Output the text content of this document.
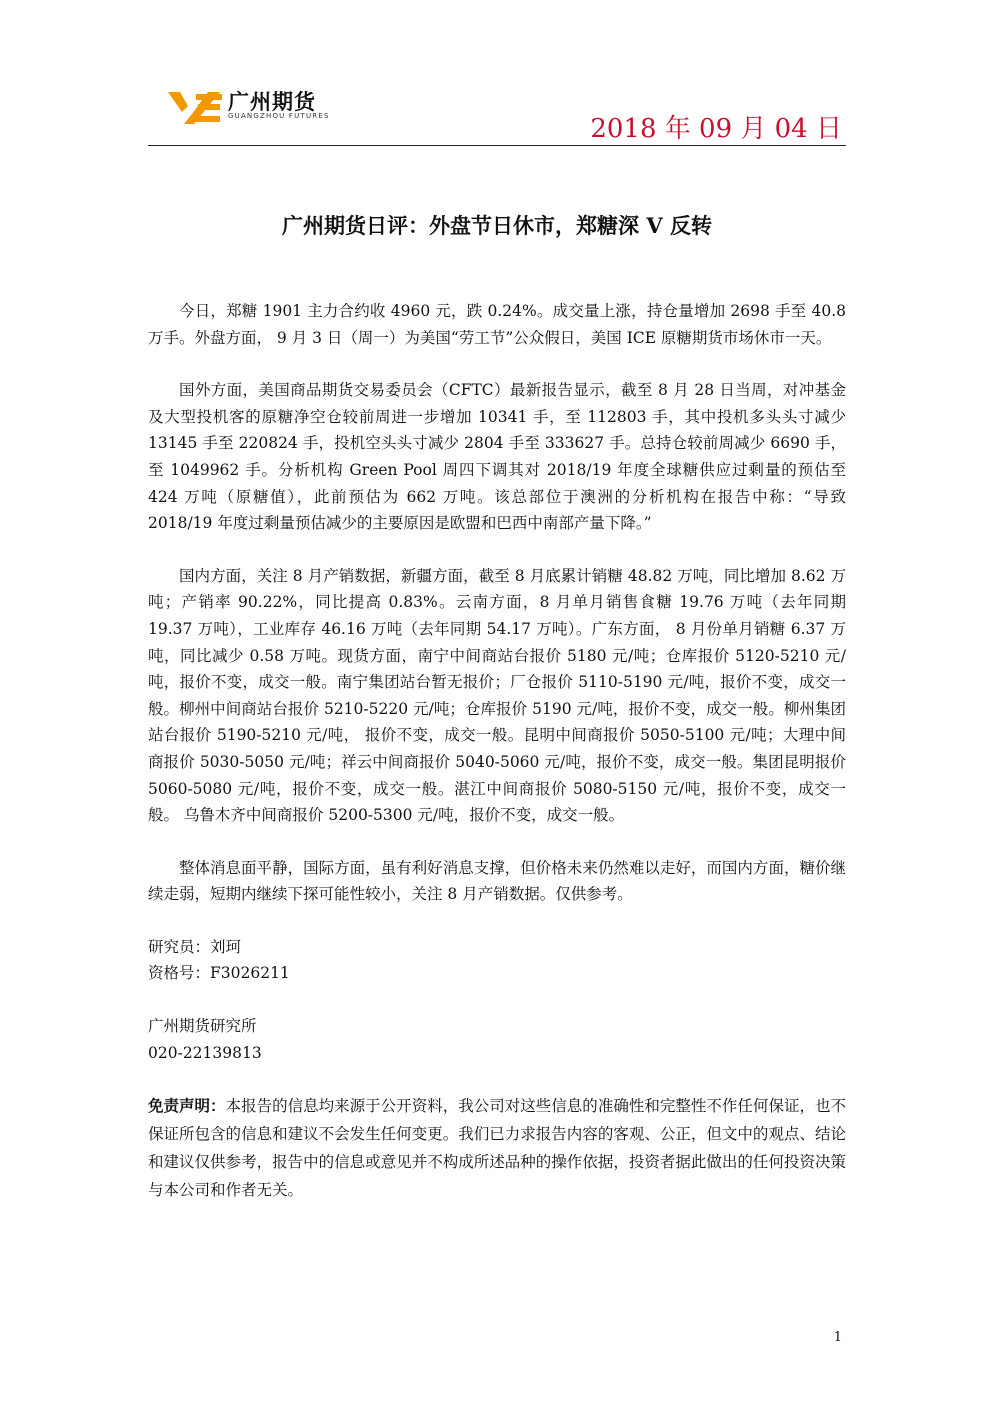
广州期货
GUANGZHOU FUTURES	2018 年 09 月 04 日
广州期货日评：外盘节日休市，郑糖深 V 反转

今日，郑糖 1901 主力合约收 4960 元，跌 0.24%。成交量上涨，持仓量增加 2698 手至 40.8 万手。外盘方面， 9 月 3 日（周一）为美国“劳工节”公众假日，美国 ICE 原糖期货市场休市一天。

国外方面，美国商品期货交易委员会（CFTC）最新报告显示，截至 8 月 28 日当周，对冲基金及大型投机客的原糖净空仓较前周进一步增加 10341 手，至 112803 手，其中投机多头头寸减少 13145 手至 220824 手，投机空头头寸减少 2804 手至 333627 手。总持仓较前周减少 6690 手，至 1049962 手。分析机构 Green Pool 周四下调其对 2018/19 年度全球糖供应过剩量的预估至 424 万吨（原糖值），此前预估为 662 万吨。该总部位于澳洲的分析机构在报告中称：“导致 2018/19 年度过剩量预估减少的主要原因是欧盟和巴西中南部产量下降。”

国内方面，关注 8 月产销数据，新疆方面，截至 8 月底累计销糖 48.82 万吨，同比增加 8.62 万吨；产销率 90.22%，同比提高 0.83%。云南方面，8 月单月销售食糖 19.76 万吨（去年同期 19.37 万吨），工业库存 46.16 万吨（去年同期 54.17 万吨）。广东方面， 8 月份单月销糖 6.37 万吨，同比减少 0.58 万吨。现货方面，南宁中间商站台报价 5180 元/吨；仓库报价 5120-5210 元/吨，报价不变，成交一般。南宁集团站台暂无报价；厂仓报价 5110-5190 元/吨，报价不变，成交一般。柳州中间商站台报价 5210-5220 元/吨；仓库报价 5190 元/吨，报价不变，成交一般。柳州集团站台报价 5190-5210 元/吨， 报价不变，成交一般。昆明中间商报价 5050-5100 元/吨；大理中间商报价 5030-5050 元/吨；祥云中间商报价 5040-5060 元/吨，报价不变，成交一般。集团昆明报价 5060-5080 元/吨，报价不变，成交一般。湛江中间商报价 5080-5150 元/吨，报价不变，成交一般。 乌鲁木齐中间商报价 5200-5300 元/吨，报价不变，成交一般。

整体消息面平静，国际方面，虽有利好消息支撑，但价格未来仍然难以走好，而国内方面，糖价继续走弱，短期内继续下探可能性较小，关注 8 月产销数据。仅供参考。

研究员：刘珂

资格号：F3026211

广州期货研究所

020-22139813

免责声明：本报告的信息均来源于公开资料，我公司对这些信息的准确性和完整性不作任何保证，也不保证所包含的信息和建议不会发生任何变更。我们已力求报告内容的客观、公正，但文中的观点、结论和建议仅供参考，报告中的信息或意见并不构成所述品种的操作依据，投资者据此做出的任何投资决策与本公司和作者无关。

1
